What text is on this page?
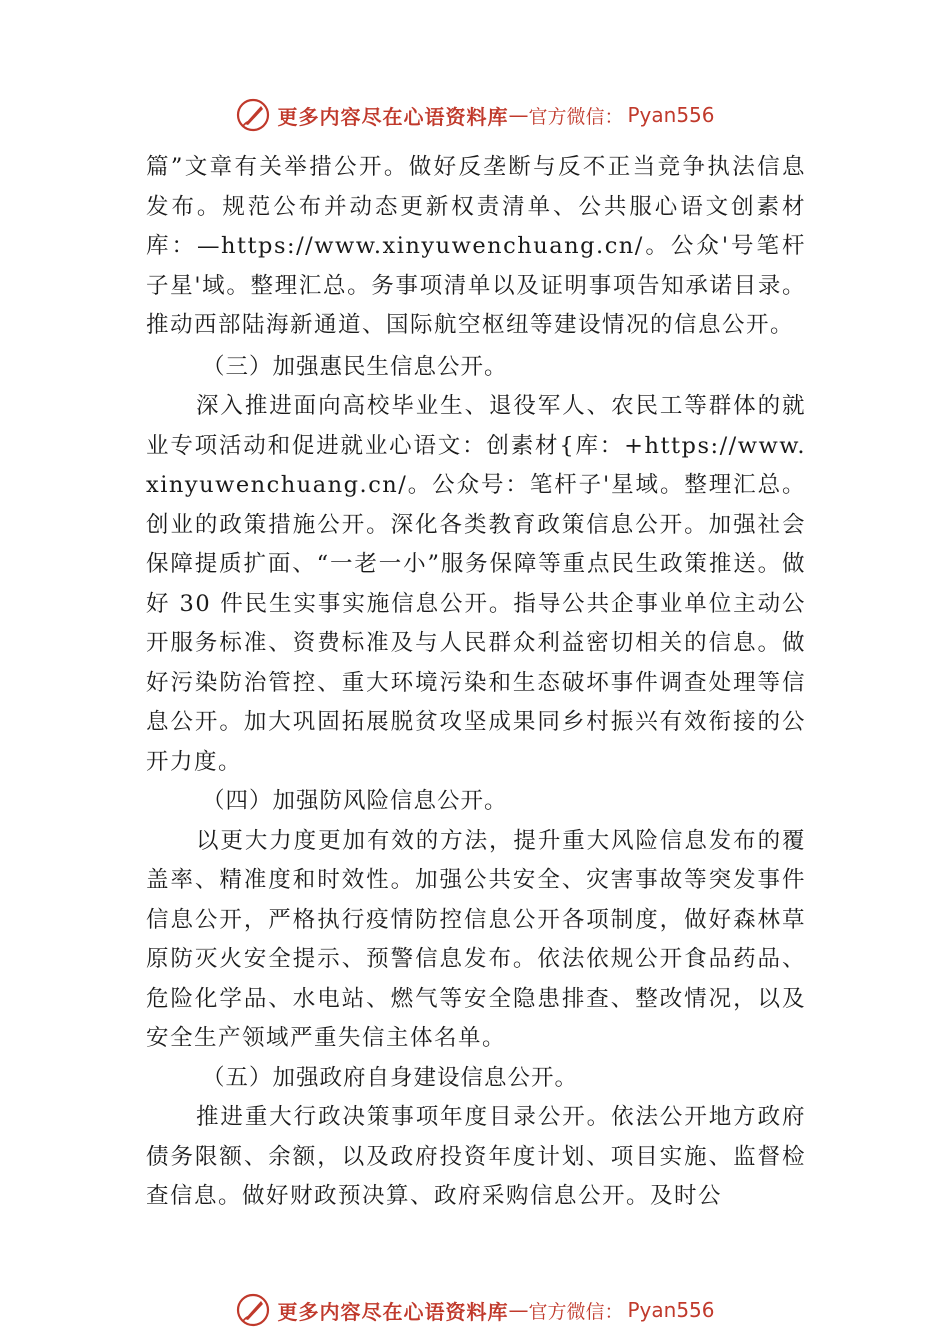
更多内容尽在心语资料库 — 官方微信： Pyan556

篇”文章有关举措公开。做好反垄断与反不正当竞争执法信息发布。规范公布并动态更新权责清单、公共服心语文创素材库：—https://www.xinyuwenchuang.cn/。公众'号笔杆子星'域。整理汇总。务事项清单以及证明事项告知承诺目录。推动西部陆海新通道、国际航空枢纽等建设情况的信息公开。

（三）加强惠民生信息公开。

深入推进面向高校毕业生、退役军人、农民工等群体的就业专项活动和促进就业心语文：创素材{库：+https://www.xinyuwenchuang.cn/。公众号：笔杆子'星域。整理汇总。创业的政策措施公开。深化各类教育政策信息公开。加强社会保障提质扩面、“一老一小”服务保障等重点民生政策推送。做好 30 件民生实事实施信息公开。指导公共企事业单位主动公开服务标准、资费标准及与人民群众利益密切相关的信息。做好污染防治管控、重大环境污染和生态破坏事件调查处理等信息公开。加大巩固拓展脱贫攻坚成果同乡村振兴有效衔接的公开力度。

（四）加强防风险信息公开。

以更大力度更加有效的方法，提升重大风险信息发布的覆盖率、精准度和时效性。加强公共安全、灾害事故等突发事件信息公开，严格执行疫情防控信息公开各项制度，做好森林草原防灭火安全提示、预警信息发布。依法依规公开食品药品、危险化学品、水电站、燃气等安全隐患排查、整改情况，以及安全生产领域严重失信主体名单。

（五）加强政府自身建设信息公开。

推进重大行政决策事项年度目录公开。依法公开地方政府债务限额、余额，以及政府投资年度计划、项目实施、监督检查信息。做好财政预决算、政府采购信息公开。及时公

更多内容尽在心语资料库 — 官方微信： Pyan556
